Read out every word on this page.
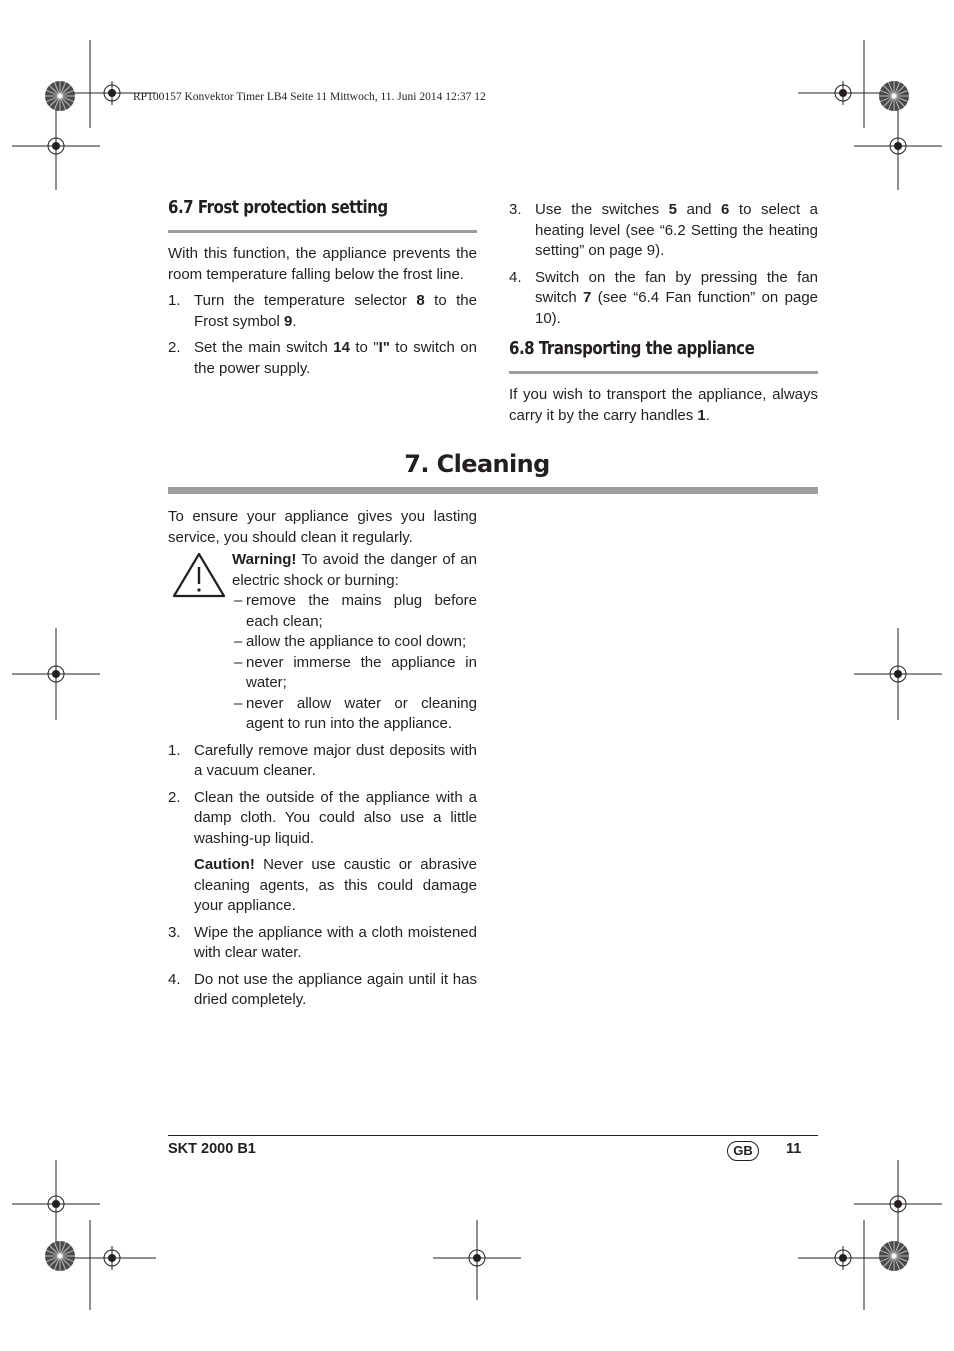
RP100157 Konvektor Timer LB4 Seite 11 Mittwoch, 11. Juni 2014 12:37 12
6.7 Frost protection setting
With this function, the appliance prevents the room temperature falling below the frost line.
1. Turn the temperature selector 8 to the Frost symbol 9.
2. Set the main switch 14 to "I" to switch on the power supply.
3. Use the switches 5 and 6 to select a heating level (see “6.2 Setting the heating setting” on page 9).
4. Switch on the fan by pressing the fan switch 7 (see “6.4 Fan function” on page 10).
6.8 Transporting the appliance
If you wish to transport the appliance, always carry it by the carry handles 1.
7. Cleaning
To ensure your appliance gives you lasting service, you should clean it regularly.
Warning! To avoid the danger of an electric shock or burning:
– remove the mains plug before each clean;
– allow the appliance to cool down;
– never immerse the appliance in water;
– never allow water or cleaning agent to run into the appliance.
1. Carefully remove major dust deposits with a vacuum cleaner.
2. Clean the outside of the appliance with a damp cloth. You could also use a little washing-up liquid.
Caution! Never use caustic or abrasive cleaning agents, as this could damage your appliance.
3. Wipe the appliance with a cloth moistened with clear water.
4. Do not use the appliance again until it has dried completely.
SKT 2000 B1	GB	11
